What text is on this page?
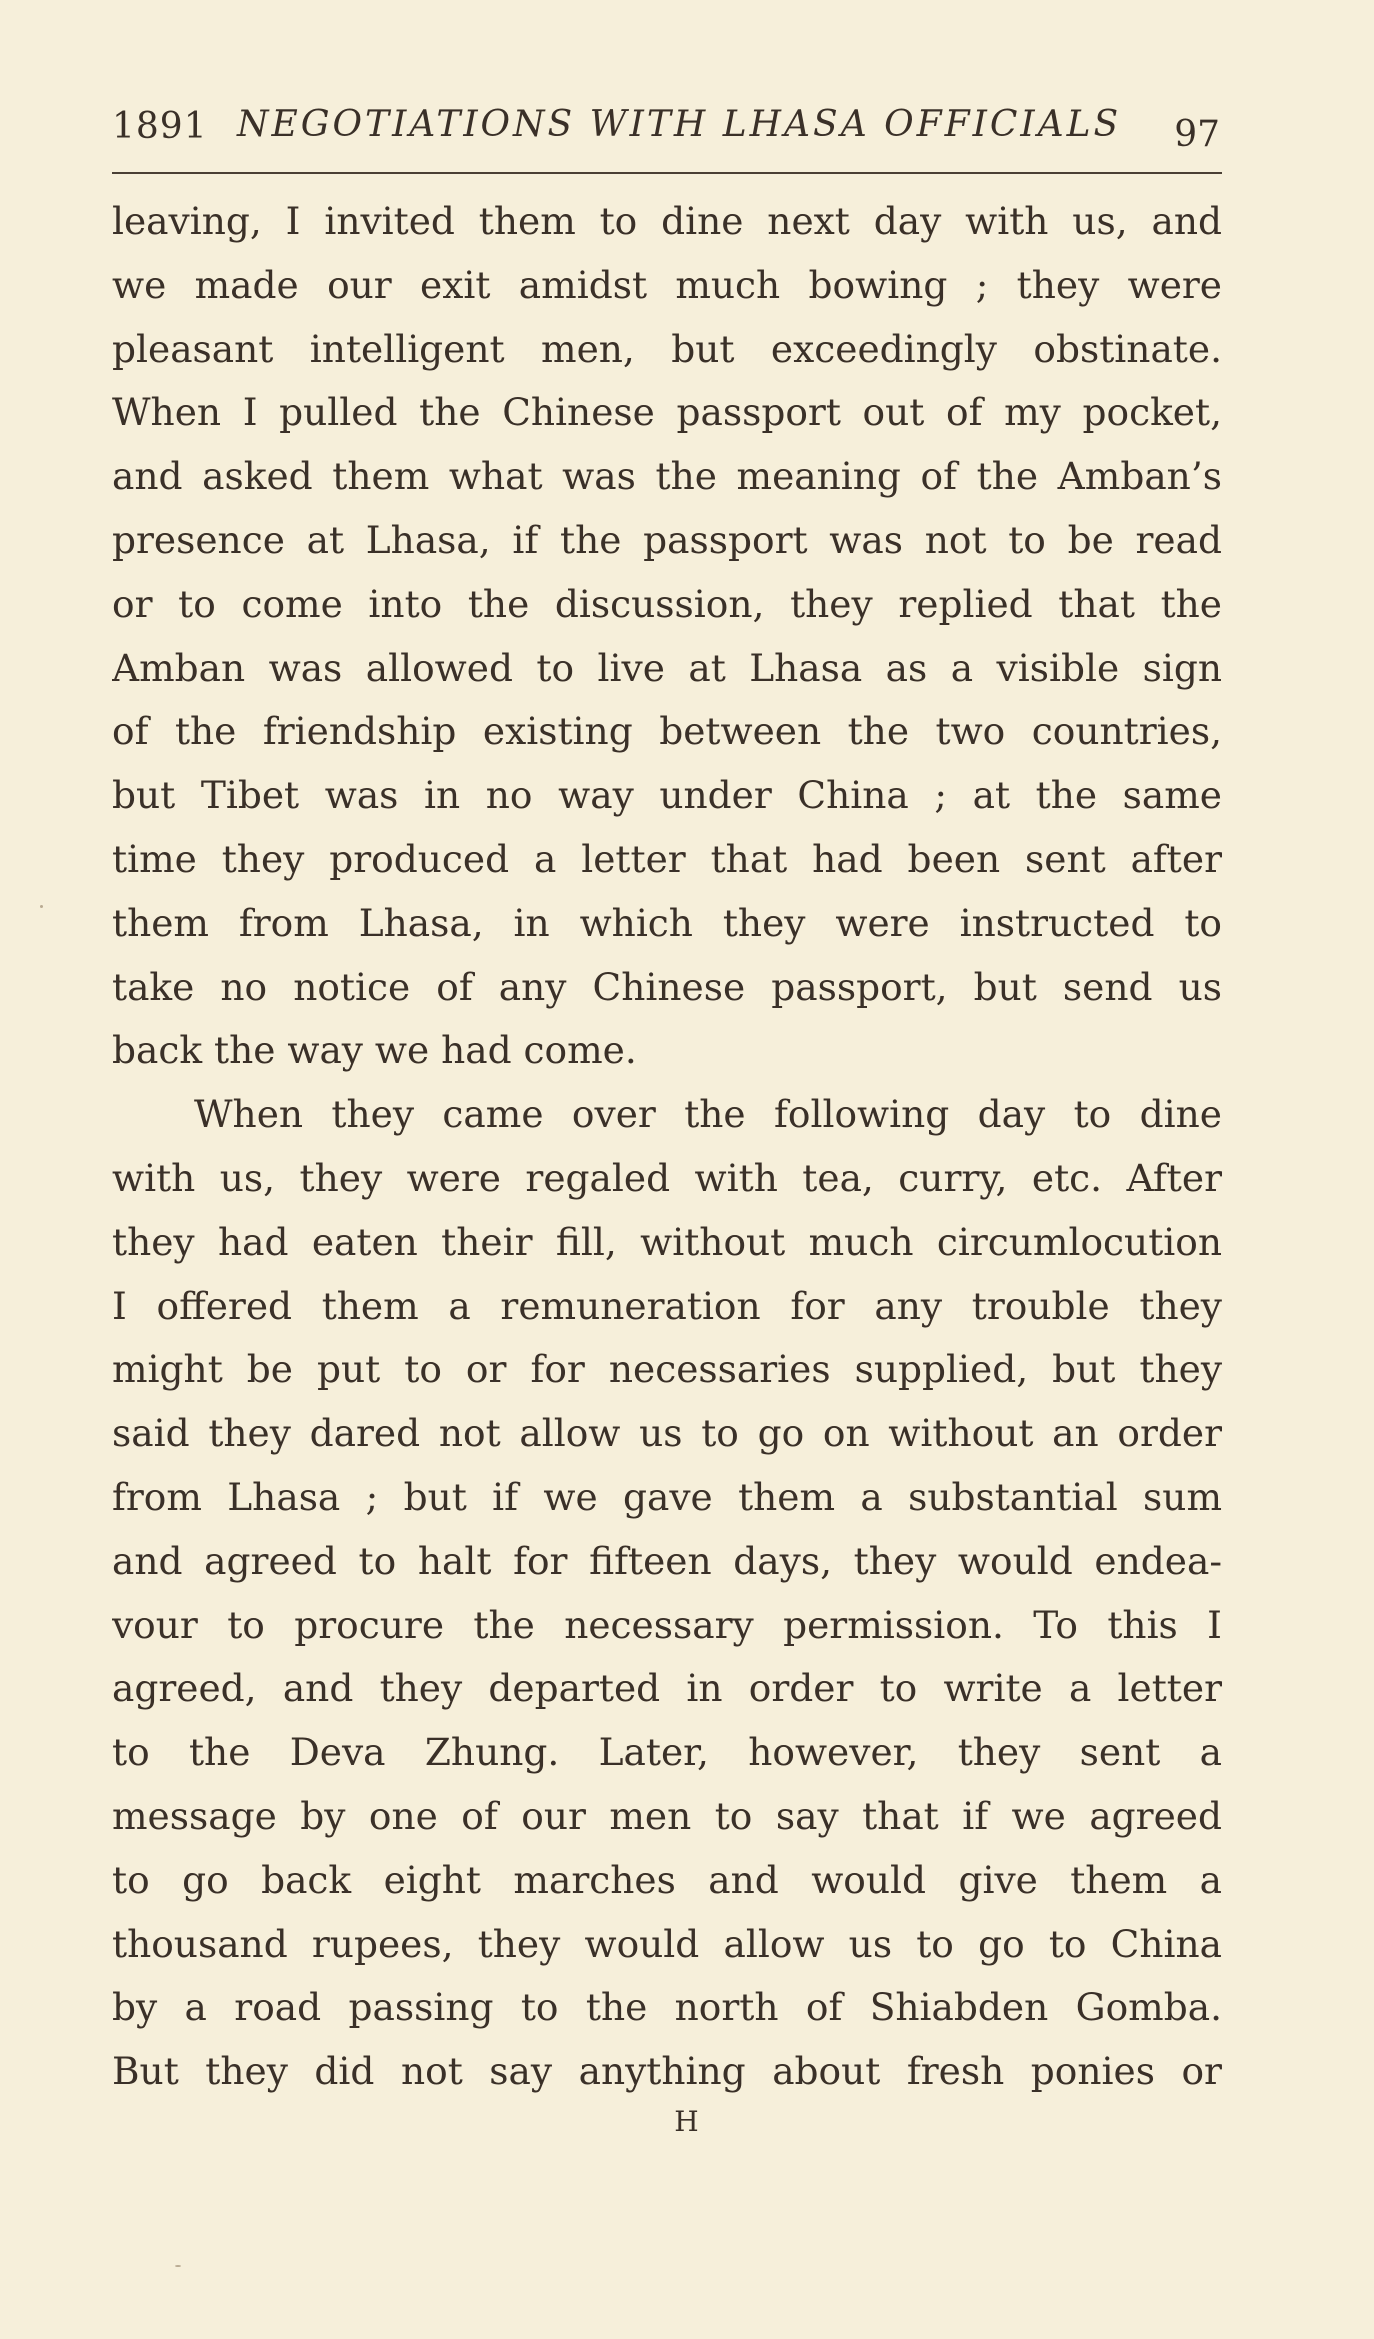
1891 NEGOTIATIONS WITH LHASA OFFICIALS 97
leaving, I invited them to dine next day with us, and
we made our exit amidst much bowing ; they were
pleasant intelligent men, but exceedingly obstinate.
When I pulled the Chinese passport out of my pocket,
and asked them what was the meaning of the Amban’s
presence at Lhasa, if the passport was not to be read
or to come into the discussion, they replied that the
Amban was allowed to live at Lhasa as a visible sign
of the friendship existing between the two countries,
but Tibet was in no way under China ; at the same
time they produced a letter that had been sent after
them from Lhasa, in which they were instructed to
take no notice of any Chinese passport, but send us
back the way we had come.
When they came over the following day to dine
with us, they were regaled with tea, curry, etc. After
they had eaten their fill, without much circumlocution
I offered them a remuneration for any trouble they
might be put to or for necessaries supplied, but they
said they dared not allow us to go on without an order
from Lhasa ; but if we gave them a substantial sum
and agreed to halt for fifteen days, they would endea-
vour to procure the necessary permission. To this I
agreed, and they departed in order to write a letter
to the Deva Zhung. Later, however, they sent a
message by one of our men to say that if we agreed
to go back eight marches and would give them a
thousand rupees, they would allow us to go to China
by a road passing to the north of Shiabden Gomba.
But they did not say anything about fresh ponies or
H
